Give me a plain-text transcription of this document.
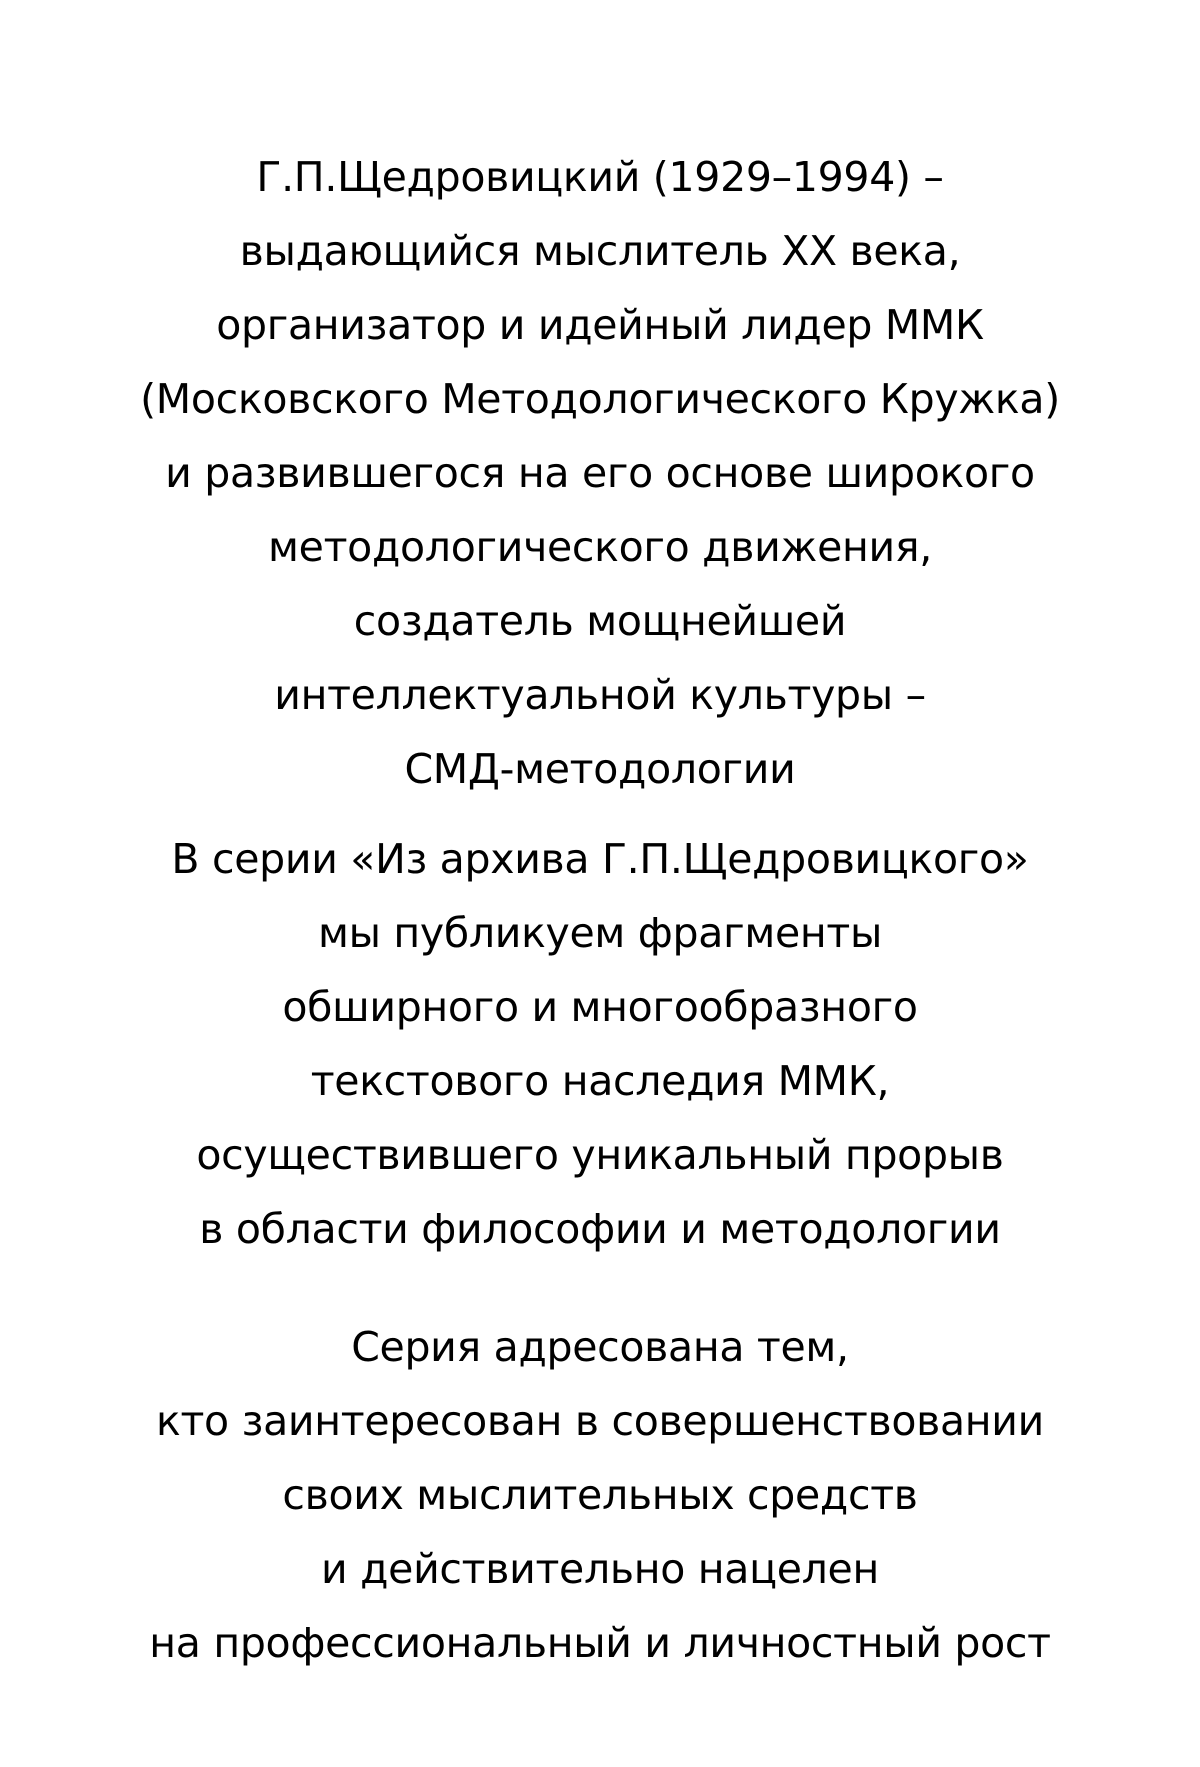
Г.П.Щедровицкий (1929–1994) –
выдающийся мыслитель XX века,
организатор и идейный лидер ММК
(Московского Методологического Кружка)
и развившегося на его основе широкого
методологического движения,
создатель мощнейшей
интеллектуальной культуры –
СМД-методологии

В серии «Из архива Г.П.Щедровицкого»
мы публикуем фрагменты
обширного и многообразного
текстового наследия ММК,
осуществившего уникальный прорыв
в области философии и методологии

Серия адресована тем,
кто заинтересован в совершенствовании
своих мыслительных средств
и действительно нацелен
на профессиональный и личностный рост
